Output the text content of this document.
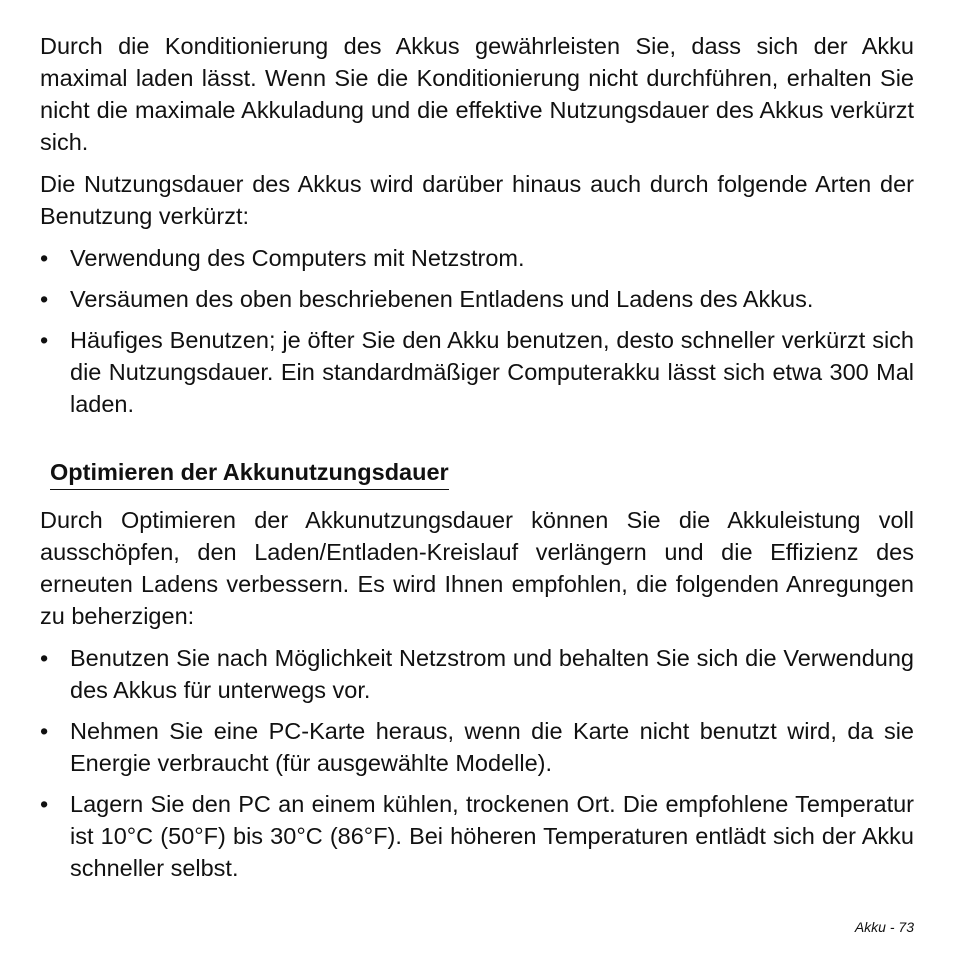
Durch die Konditionierung des Akkus gewährleisten Sie, dass sich der Akku maximal laden lässt. Wenn Sie die Konditionierung nicht durchführen, erhalten Sie nicht die maximale Akkuladung und die effektive Nutzungsdauer des Akkus verkürzt sich.

Die Nutzungsdauer des Akkus wird darüber hinaus auch durch folgende Arten der Benutzung verkürzt:

• Verwendung des Computers mit Netzstrom.
• Versäumen des oben beschriebenen Entladens und Ladens des Akkus.
• Häufiges Benutzen; je öfter Sie den Akku benutzen, desto schneller verkürzt sich die Nutzungsdauer. Ein standardmäßiger Computerakku lässt sich etwa 300 Mal laden.
Optimieren der Akkunutzungsdauer

Durch Optimieren der Akkunutzungsdauer können Sie die Akkuleistung voll ausschöpfen, den Laden/Entladen-Kreislauf verlängern und die Effizienz des erneuten Ladens verbessern. Es wird Ihnen empfohlen, die folgenden Anregungen zu beherzigen:

• Benutzen Sie nach Möglichkeit Netzstrom und behalten Sie sich die Verwendung des Akkus für unterwegs vor.
• Nehmen Sie eine PC-Karte heraus, wenn die Karte nicht benutzt wird, da sie Energie verbraucht (für ausgewählte Modelle).
• Lagern Sie den PC an einem kühlen, trockenen Ort. Die empfohlene Temperatur ist 10°C (50°F) bis 30°C (86°F). Bei höheren Temperaturen entlädt sich der Akku schneller selbst.
Akku - 73
